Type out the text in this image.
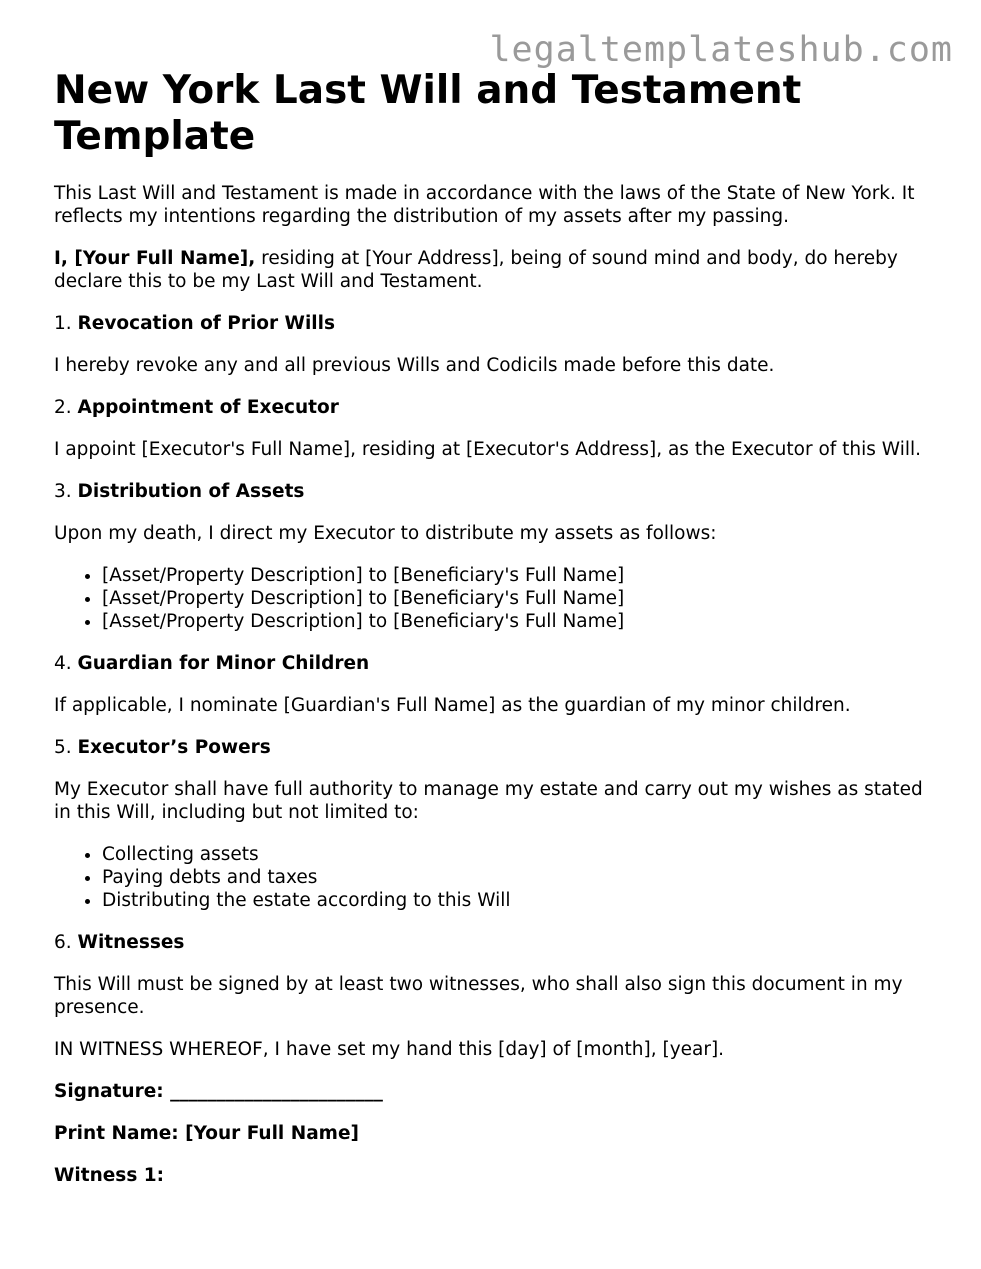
legaltemplateshub.com
New York Last Will and Testament Template

This Last Will and Testament is made in accordance with the laws of the State of New York. It reflects my intentions regarding the distribution of my assets after my passing.

I, [Your Full Name], residing at [Your Address], being of sound mind and body, do hereby declare this to be my Last Will and Testament.

1. Revocation of Prior Wills

I hereby revoke any and all previous Wills and Codicils made before this date.

2. Appointment of Executor

I appoint [Executor's Full Name], residing at [Executor's Address], as the Executor of this Will.

3. Distribution of Assets

Upon my death, I direct my Executor to distribute my assets as follows:

• [Asset/Property Description] to [Beneficiary's Full Name]
• [Asset/Property Description] to [Beneficiary's Full Name]
• [Asset/Property Description] to [Beneficiary's Full Name]
4. Guardian for Minor Children

If applicable, I nominate [Guardian's Full Name] as the guardian of my minor children.

5. Executor’s Powers

My Executor shall have full authority to manage my estate and carry out my wishes as stated in this Will, including but not limited to:

• Collecting assets
• Paying debts and taxes
• Distributing the estate according to this Will
6. Witnesses

This Will must be signed by at least two witnesses, who shall also sign this document in my presence.

IN WITNESS WHEREOF, I have set my hand this [day] of [month], [year].

Signature: _______________________

Print Name: [Your Full Name]

Witness 1:
